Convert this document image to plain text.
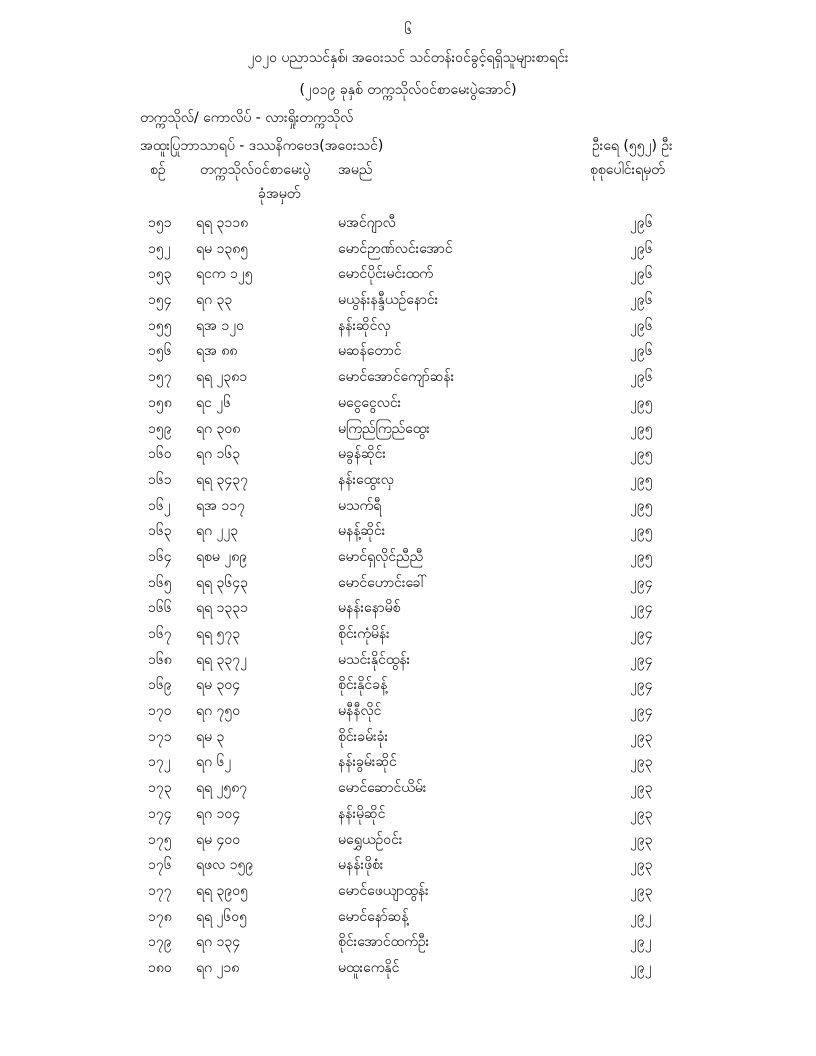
၆
၂၀၂၀ ပညာသင်နှစ်၊ အဝေးသင် သင်တန်းဝင်ခွင့်ရရှိသူများစာရင်း
(၂၀၁၉ ခုနှစ် တက္ကသိုလ်ဝင်စာမေးပွဲအောင်)
တက္ကသိုလ်/ ကောလိပ် - လားရှိုးတက္ကသိုလ်
အထူးပြုဘာသာရပ် - ဒဿနိကဗေဒ(အဝေးသင်)	ဦးရေ (၅၅၂) ဦး
စဉ် တက္ကသိုလ်ဝင်စာမေးပွဲ
ခုံအမှတ်
အမည်	စုစုပေါင်းရမှတ်
၁၅၁ ရရ ၃၁၁၈	မအင်ဂျာလီ	၂၉၆
၁၅၂ ရမ ၁၃၈၅	မောင်ဉာဏ်လင်းအောင်	၂၉၆
၁၅၃ ရငက ၁၂၅	မောင်ပိုင်းမင်းထက်	၂၉၆
၁၅၄ ရဂ ၃၃	မယွန်းနန္ဒီယဉ်နောင်း	၂၉၆
၁၅၅ ရအ ၁၂၀	နန်းဆိုင်လှ	၂၉၆
၁၅၆ ရအ ၈၈	မဆန်တောင်	၂၉၆
၁၅၇ ရရ ၂၃၈၁	မောင်အောင်ကျော်ဆန်း	၂၉၆
၁၅၈ ရင ၂၆	မငွေငွေလင်း	၂၉၅
၁၅၉ ရဂ ၃၀၈	မကြည်ကြည်ထွေး	၂၉၅
၁၆၀ ရဂ ၁၆၃	မခွန်ဆိုင်း	၂၉၅
၁၆၁ ရရ ၃၄၃၇	နန်းထွေးလှ	၂၉၅
၁၆၂ ရအ ၁၁၇	မသက်ရီ	၂၉၅
၁၆၃ ရဂ ၂၂၃	မနန့်ဆိုင်း	၂၉၅
၁၆၄ ရစမ ၂၈၉	မောင်ရှလိုင်ညီညီ	၂၉၅
၁၆၅ ရရ ၃၆၄၃	မောင်ဟောင်းခေါ်	၂၉၄
၁၆၆ ရရ ၁၃၃၁	မနန်းနောမိစ်	၂၉၄
၁၆၇ ရရ ၅၇၃	စိုင်းကုံမိန်း	၂၉၄
၁၆၈ ရရ ၃၃၇၂	မသင်းနိုင်ထွန်း	၂၉၄
၁၆၉ ရမ ၃၀၄	စိုင်းနိုင်ခန့်	၂၉၄
၁၇၀ ရဂ ၇၅၀	မနီနီလိုင်	၂၉၄
၁၇၁ ရမ ၃	စိုင်းခမ်းခုံး	၂၉၃
၁၇၂ ရဂ ၆၂	နန်းခွမ်းဆိုင်	၂၉၃
၁၇၃ ရရ ၂၅၈၇	မောင်ဆောင်ယိမ်း	၂၉၃
၁၇၄ ရဂ ၁၀၄	နန်းမိုဆိုင်	၂၉၃
၁၇၅ ရမ ၄၀၀	မရွှေယဉ်ဝင်း	၂၉၃
၁၇၆ ရဖလ ၁၅၉	မနန်းဖိုစံး	၂၉၃
၁၇၇ ရရ ၃၉၀၅	မောင်ဖေယျာထွန်း	၂၉၃
၁၇၈ ရရ ၂၆၀၅	မောင်နော်ဆန့်	၂၉၂
၁၇၉ ရဂ ၁၃၄	စိုင်းအောင်ထက်ဦး	၂၉၂
၁၈၀ ရဂ ၂၁၈	မထူးကေနိုင်	၂၉၂
